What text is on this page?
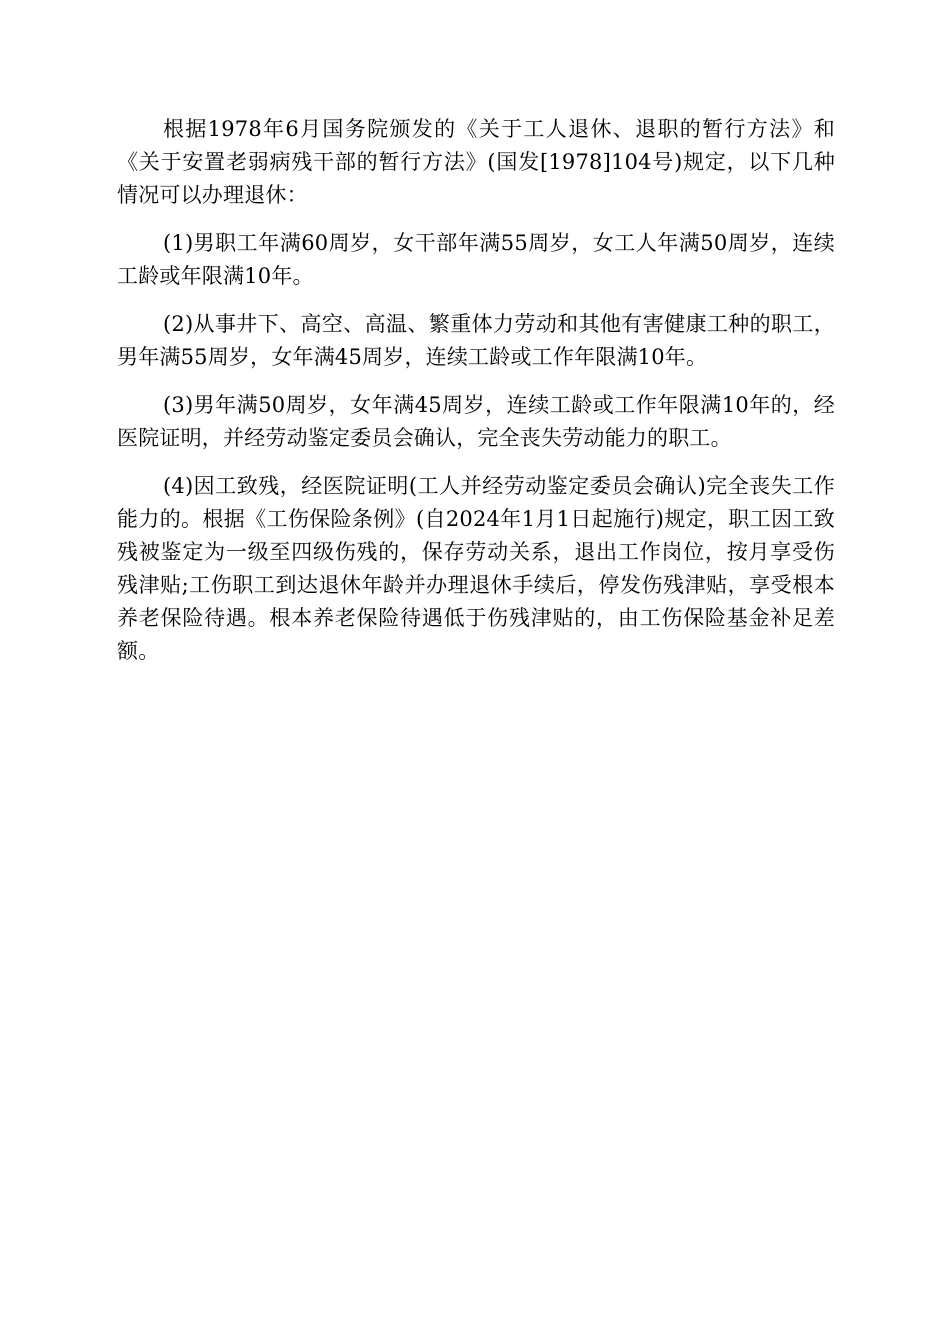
根据1978年6月国务院颁发的《关于工人退休、退职的暂行方法》和《关于安置老弱病残干部的暂行方法》(国发[1978]104号)规定，以下几种情况可以办理退休：

(1)男职工年满60周岁，女干部年满55周岁，女工人年满50周岁，连续工龄或年限满10年。

(2)从事井下、高空、高温、繁重体力劳动和其他有害健康工种的职工，男年满55周岁，女年满45周岁，连续工龄或工作年限满10年。

(3)男年满50周岁，女年满45周岁，连续工龄或工作年限满10年的，经医院证明，并经劳动鉴定委员会确认，完全丧失劳动能力的职工。

(4)因工致残，经医院证明(工人并经劳动鉴定委员会确认)完全丧失工作能力的。根据《工伤保险条例》(自2024年1月1日起施行)规定，职工因工致残被鉴定为一级至四级伤残的，保存劳动关系，退出工作岗位，按月享受伤残津贴;工伤职工到达退休年龄并办理退休手续后，停发伤残津贴，享受根本养老保险待遇。根本养老保险待遇低于伤残津贴的，由工伤保险基金补足差额。
